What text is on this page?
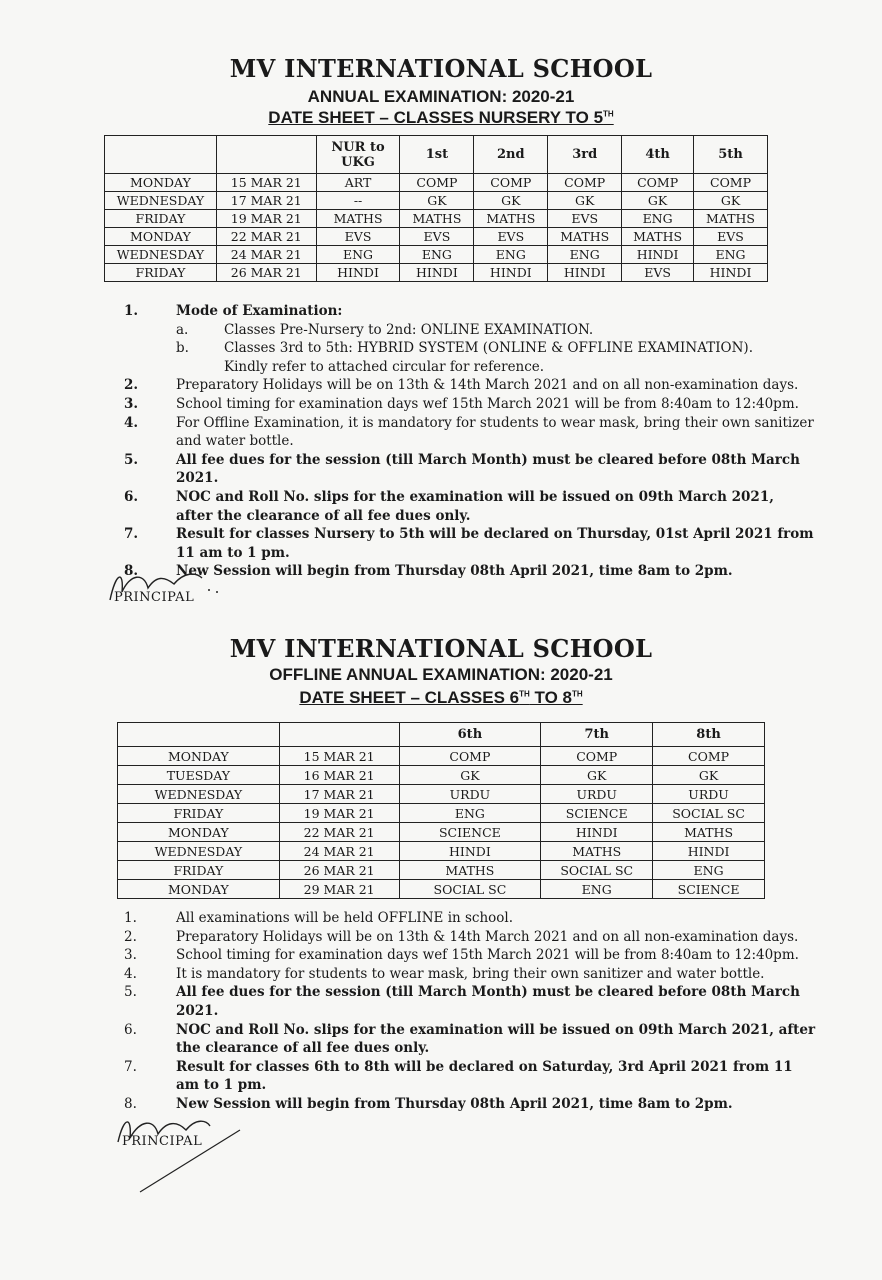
MV INTERNATIONAL SCHOOL
ANNUAL EXAMINATION: 2020-21
DATE SHEET – CLASSES NURSERY TO 5TH
		NUR to UKG	1st	2nd	3rd	4th	5th
MONDAY	15 MAR 21	ART	COMP	COMP	COMP	COMP	COMP
WEDNESDAY	17 MAR 21	--	GK	GK	GK	GK	GK
FRIDAY	19 MAR 21	MATHS	MATHS	MATHS	EVS	ENG	MATHS
MONDAY	22 MAR 21	EVS	EVS	EVS	MATHS	MATHS	EVS
WEDNESDAY	24 MAR 21	ENG	ENG	ENG	ENG	HINDI	ENG
FRIDAY	26 MAR 21	HINDI	HINDI	HINDI	HINDI	EVS	HINDI
1.	Mode of Examination:
a.	Classes Pre-Nursery to 2nd: ONLINE EXAMINATION.
b.	Classes 3rd to 5th: HYBRID SYSTEM (ONLINE & OFFLINE EXAMINATION).
Kindly refer to attached circular for reference.
2.	Preparatory Holidays will be on 13th & 14th March 2021 and on all non-examination days.
3.	School timing for examination days wef 15th March 2021 will be from 8:40am to 12:40pm.
4.	For Offline Examination, it is mandatory for students to wear mask, bring their own sanitizer and water bottle.
5.	All fee dues for the session (till March Month) must be cleared before 08th March 2021.
6.	NOC and Roll No. slips for the examination will be issued on 09th March 2021, after the clearance of all fee dues only.
7.	Result for classes Nursery to 5th will be declared on Thursday, 01st April 2021 from 11 am to 1 pm.
8.	New Session will begin from Thursday 08th April 2021, time 8am to 2pm.
PRINCIPAL
MV INTERNATIONAL SCHOOL
OFFLINE ANNUAL EXAMINATION: 2020-21
DATE SHEET – CLASSES 6TH TO 8TH
		6th	7th	8th
MONDAY	15 MAR 21	COMP	COMP	COMP
TUESDAY	16 MAR 21	GK	GK	GK
WEDNESDAY	17 MAR 21	URDU	URDU	URDU
FRIDAY	19 MAR 21	ENG	SCIENCE	SOCIAL SC
MONDAY	22 MAR 21	SCIENCE	HINDI	MATHS
WEDNESDAY	24 MAR 21	HINDI	MATHS	HINDI
FRIDAY	26 MAR 21	MATHS	SOCIAL SC	ENG
MONDAY	29 MAR 21	SOCIAL SC	ENG	SCIENCE
1.	All examinations will be held OFFLINE in school.
2.	Preparatory Holidays will be on 13th & 14th March 2021 and on all non-examination days.
3.	School timing for examination days wef 15th March 2021 will be from 8:40am to 12:40pm.
4.	It is mandatory for students to wear mask, bring their own sanitizer and water bottle.
5.	All fee dues for the session (till March Month) must be cleared before 08th March 2021.
6.	NOC and Roll No. slips for the examination will be issued on 09th March 2021, after the clearance of all fee dues only.
7.	Result for classes 6th to 8th will be declared on Saturday, 3rd April 2021 from 11 am to 1 pm.
8.	New Session will begin from Thursday 08th April 2021, time 8am to 2pm.
PRINCIPAL
